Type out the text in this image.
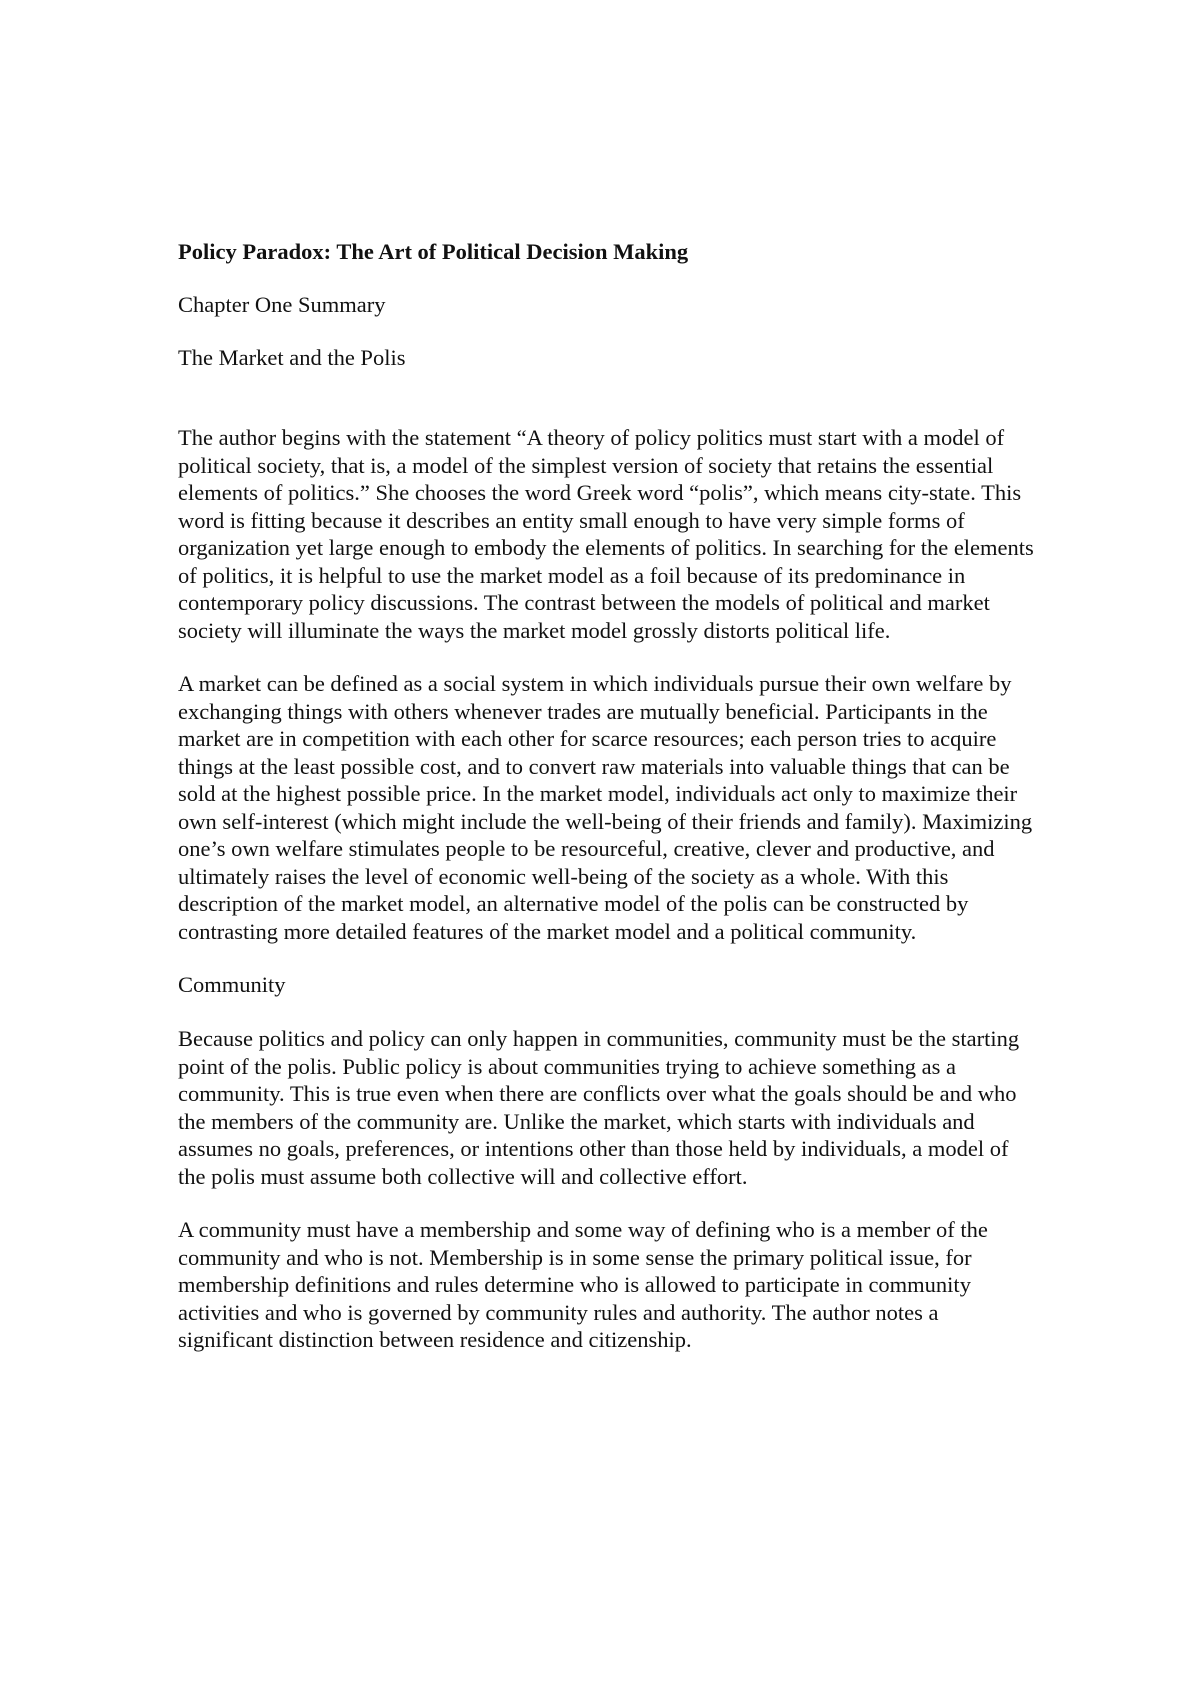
Policy Paradox: The Art of Political Decision Making
Chapter One Summary
The Market and the Polis

The author begins with the statement “A theory of policy politics must start with a model of political society, that is, a model of the simplest version of society that retains the essential elements of politics.” She chooses the word Greek word “polis”, which means city-state. This word is fitting because it describes an entity small enough to have very simple forms of organization yet large enough to embody the elements of politics. In searching for the elements of politics, it is helpful to use the market model as a foil because of its predominance in contemporary policy discussions. The contrast between the models of political and market society will illuminate the ways the market model grossly distorts political life.

A market can be defined as a social system in which individuals pursue their own welfare by exchanging things with others whenever trades are mutually beneficial. Participants in the market are in competition with each other for scarce resources; each person tries to acquire things at the least possible cost, and to convert raw materials into valuable things that can be sold at the highest possible price. In the market model, individuals act only to maximize their own self-interest (which might include the well-being of their friends and family). Maximizing one’s own welfare stimulates people to be resourceful, creative, clever and productive, and ultimately raises the level of economic well-being of the society as a whole. With this description of the market model, an alternative model of the polis can be constructed by contrasting more detailed features of the market model and a political community.

Community

Because politics and policy can only happen in communities, community must be the starting point of the polis. Public policy is about communities trying to achieve something as a community. This is true even when there are conflicts over what the goals should be and who the members of the community are. Unlike the market, which starts with individuals and assumes no goals, preferences, or intentions other than those held by individuals, a model of the polis must assume both collective will and collective effort.

A community must have a membership and some way of defining who is a member of the community and who is not. Membership is in some sense the primary political issue, for membership definitions and rules determine who is allowed to participate in community activities and who is governed by community rules and authority. The author notes a significant distinction between residence and citizenship.
